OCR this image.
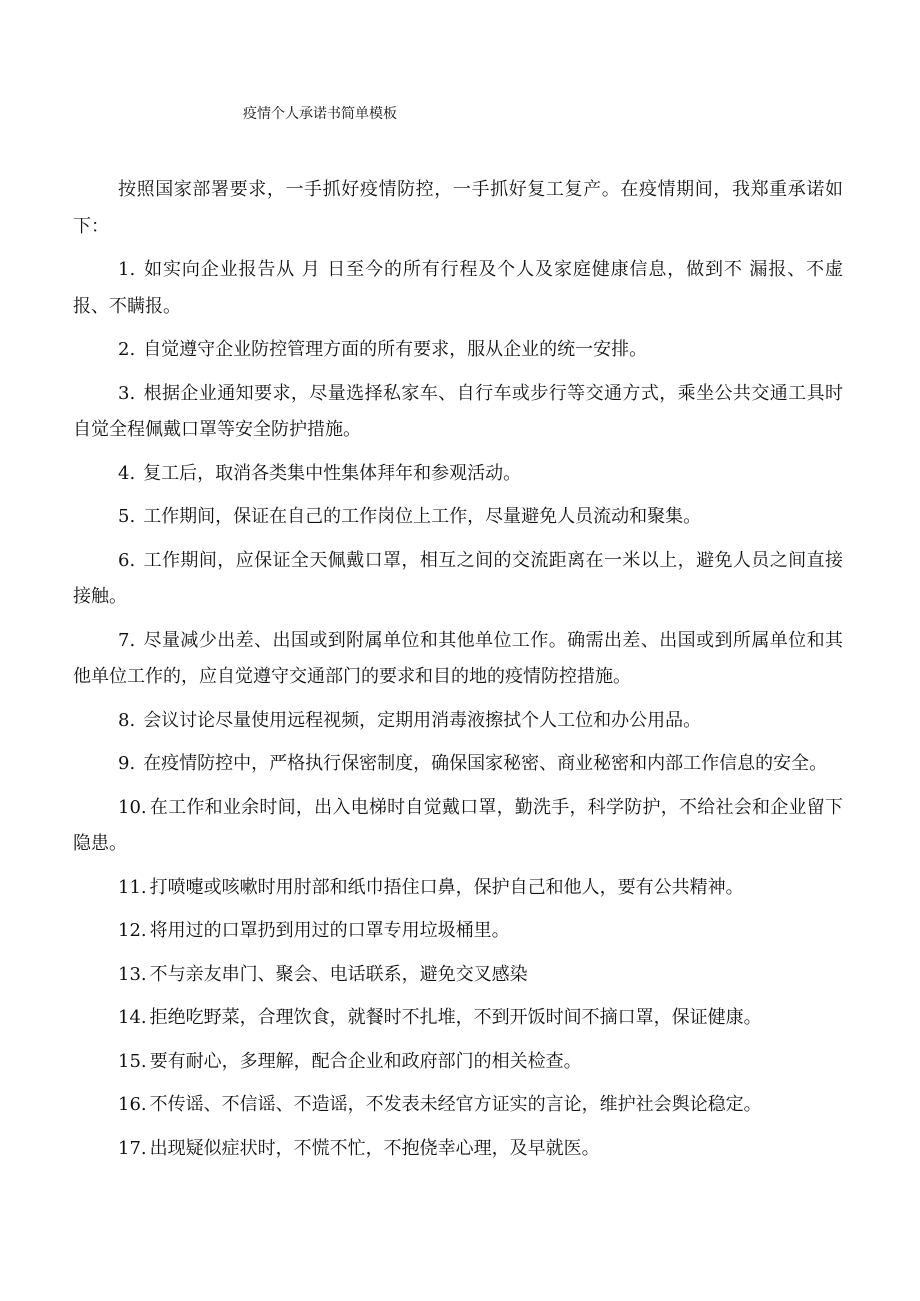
疫情个人承诺书简单模板

按照国家部署要求，一手抓好疫情防控，一手抓好复工复产。在疫情期间，我郑重承诺如下：

1. 如实向企业报告从 月 日至今的所有行程及个人及家庭健康信息，做到不 漏报、不虚报、不瞒报。

2. 自觉遵守企业防控管理方面的所有要求，服从企业的统一安排。

3. 根据企业通知要求，尽量选择私家车、自行车或步行等交通方式，乘坐公共交通工具时自觉全程佩戴口罩等安全防护措施。

4. 复工后，取消各类集中性集体拜年和参观活动。

5. 工作期间，保证在自己的工作岗位上工作，尽量避免人员流动和聚集。

6. 工作期间，应保证全天佩戴口罩，相互之间的交流距离在一米以上，避免人员之间直接接触。

7. 尽量减少出差、出国或到附属单位和其他单位工作。确需出差、出国或到所属单位和其他单位工作的，应自觉遵守交通部门的要求和目的地的疫情防控措施。

8. 会议讨论尽量使用远程视频，定期用消毒液擦拭个人工位和办公用品。

9. 在疫情防控中，严格执行保密制度，确保国家秘密、商业秘密和内部工作信息的安全。

10. 在工作和业余时间，出入电梯时自觉戴口罩，勤洗手，科学防护，不给社会和企业留下隐患。

11. 打喷嚏或咳嗽时用肘部和纸巾捂住口鼻，保护自己和他人，要有公共精神。

12. 将用过的口罩扔到用过的口罩专用垃圾桶里。

13. 不与亲友串门、聚会、电话联系，避免交叉感染

14. 拒绝吃野菜，合理饮食，就餐时不扎堆，不到开饭时间不摘口罩，保证健康。

15. 要有耐心，多理解，配合企业和政府部门的相关检查。

16. 不传谣、不信谣、不造谣，不发表未经官方证实的言论，维护社会舆论稳定。

17. 出现疑似症状时，不慌不忙，不抱侥幸心理，及早就医。
